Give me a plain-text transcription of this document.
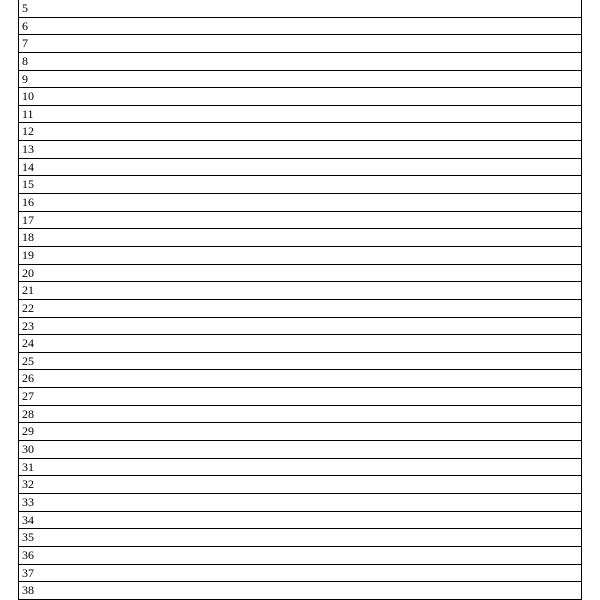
5
6
7
8
9
10
11
12
13
14
15
16
17
18
19
20
21
22
23
24
25
26
27
28
29
30
31
32
33
34
35
36
37
38
